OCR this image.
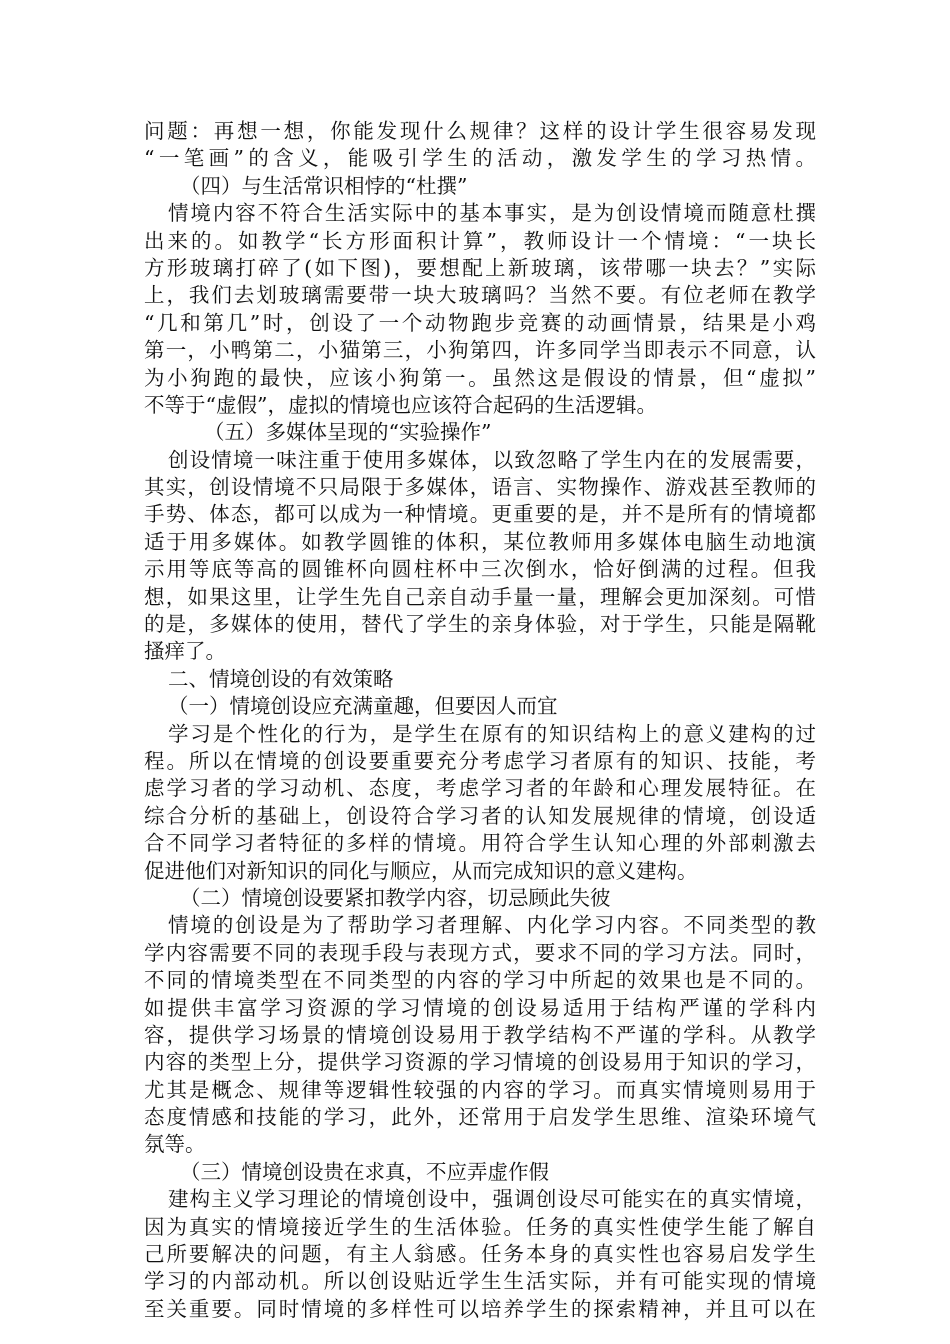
问题：再想一想，你能发现什么规律？这样的设计学生很容易发现
“一笔画”的含义，能吸引学生的活动，激发学生的学习热情。
（四）与生活常识相悖的“杜撰”
情境内容不符合生活实际中的基本事实，是为创设情境而随意杜撰
出来的。如教学“长方形面积计算”，教师设计一个情境：“一块长
方形玻璃打碎了(如下图)，要想配上新玻璃，该带哪一块去？”实际
上，我们去划玻璃需要带一块大玻璃吗？当然不要。有位老师在教学
“几和第几”时，创设了一个动物跑步竞赛的动画情景，结果是小鸡
第一，小鸭第二，小猫第三，小狗第四，许多同学当即表示不同意，认
为小狗跑的最快，应该小狗第一。虽然这是假设的情景，但“虚拟”
不等于“虚假”，虚拟的情境也应该符合起码的生活逻辑。
（五）多媒体呈现的“实验操作”
创设情境一味注重于使用多媒体，以致忽略了学生内在的发展需要，
其实，创设情境不只局限于多媒体，语言、实物操作、游戏甚至教师的
手势、体态，都可以成为一种情境。更重要的是，并不是所有的情境都
适于用多媒体。如教学圆锥的体积，某位教师用多媒体电脑生动地演
示用等底等高的圆锥杯向圆柱杯中三次倒水，恰好倒满的过程。但我
想，如果这里，让学生先自己亲自动手量一量，理解会更加深刻。可惜
的是，多媒体的使用，替代了学生的亲身体验，对于学生，只能是隔靴
搔痒了。
二、情境创设的有效策略
（一）情境创设应充满童趣，但要因人而宜
学习是个性化的行为，是学生在原有的知识结构上的意义建构的过
程。所以在情境的创设要重要充分考虑学习者原有的知识、技能，考
虑学习者的学习动机、态度，考虑学习者的年龄和心理发展特征。在
综合分析的基础上，创设符合学习者的认知发展规律的情境，创设适
合不同学习者特征的多样的情境。用符合学生认知心理的外部刺激去
促进他们对新知识的同化与顺应，从而完成知识的意义建构。
（二）情境创设要紧扣教学内容，切忌顾此失彼
情境的创设是为了帮助学习者理解、内化学习内容。不同类型的教
学内容需要不同的表现手段与表现方式，要求不同的学习方法。同时，
不同的情境类型在不同类型的内容的学习中所起的效果也是不同的。
如提供丰富学习资源的学习情境的创设易适用于结构严谨的学科内
容，提供学习场景的情境创设易用于教学结构不严谨的学科。从教学
内容的类型上分，提供学习资源的学习情境的创设易用于知识的学习，
尤其是概念、规律等逻辑性较强的内容的学习。而真实情境则易用于
态度情感和技能的学习，此外，还常用于启发学生思维、渲染环境气
氛等。
（三）情境创设贵在求真，不应弄虚作假
建构主义学习理论的情境创设中，强调创设尽可能实在的真实情境，
因为真实的情境接近学生的生活体验。任务的真实性使学生能了解自
己所要解决的问题，有主人翁感。任务本身的真实性也容易启发学生
学习的内部动机。所以创设贴近学生生活实际，并有可能实现的情境
至关重要。同时情境的多样性可以培养学生的探索精神，并且可以在
